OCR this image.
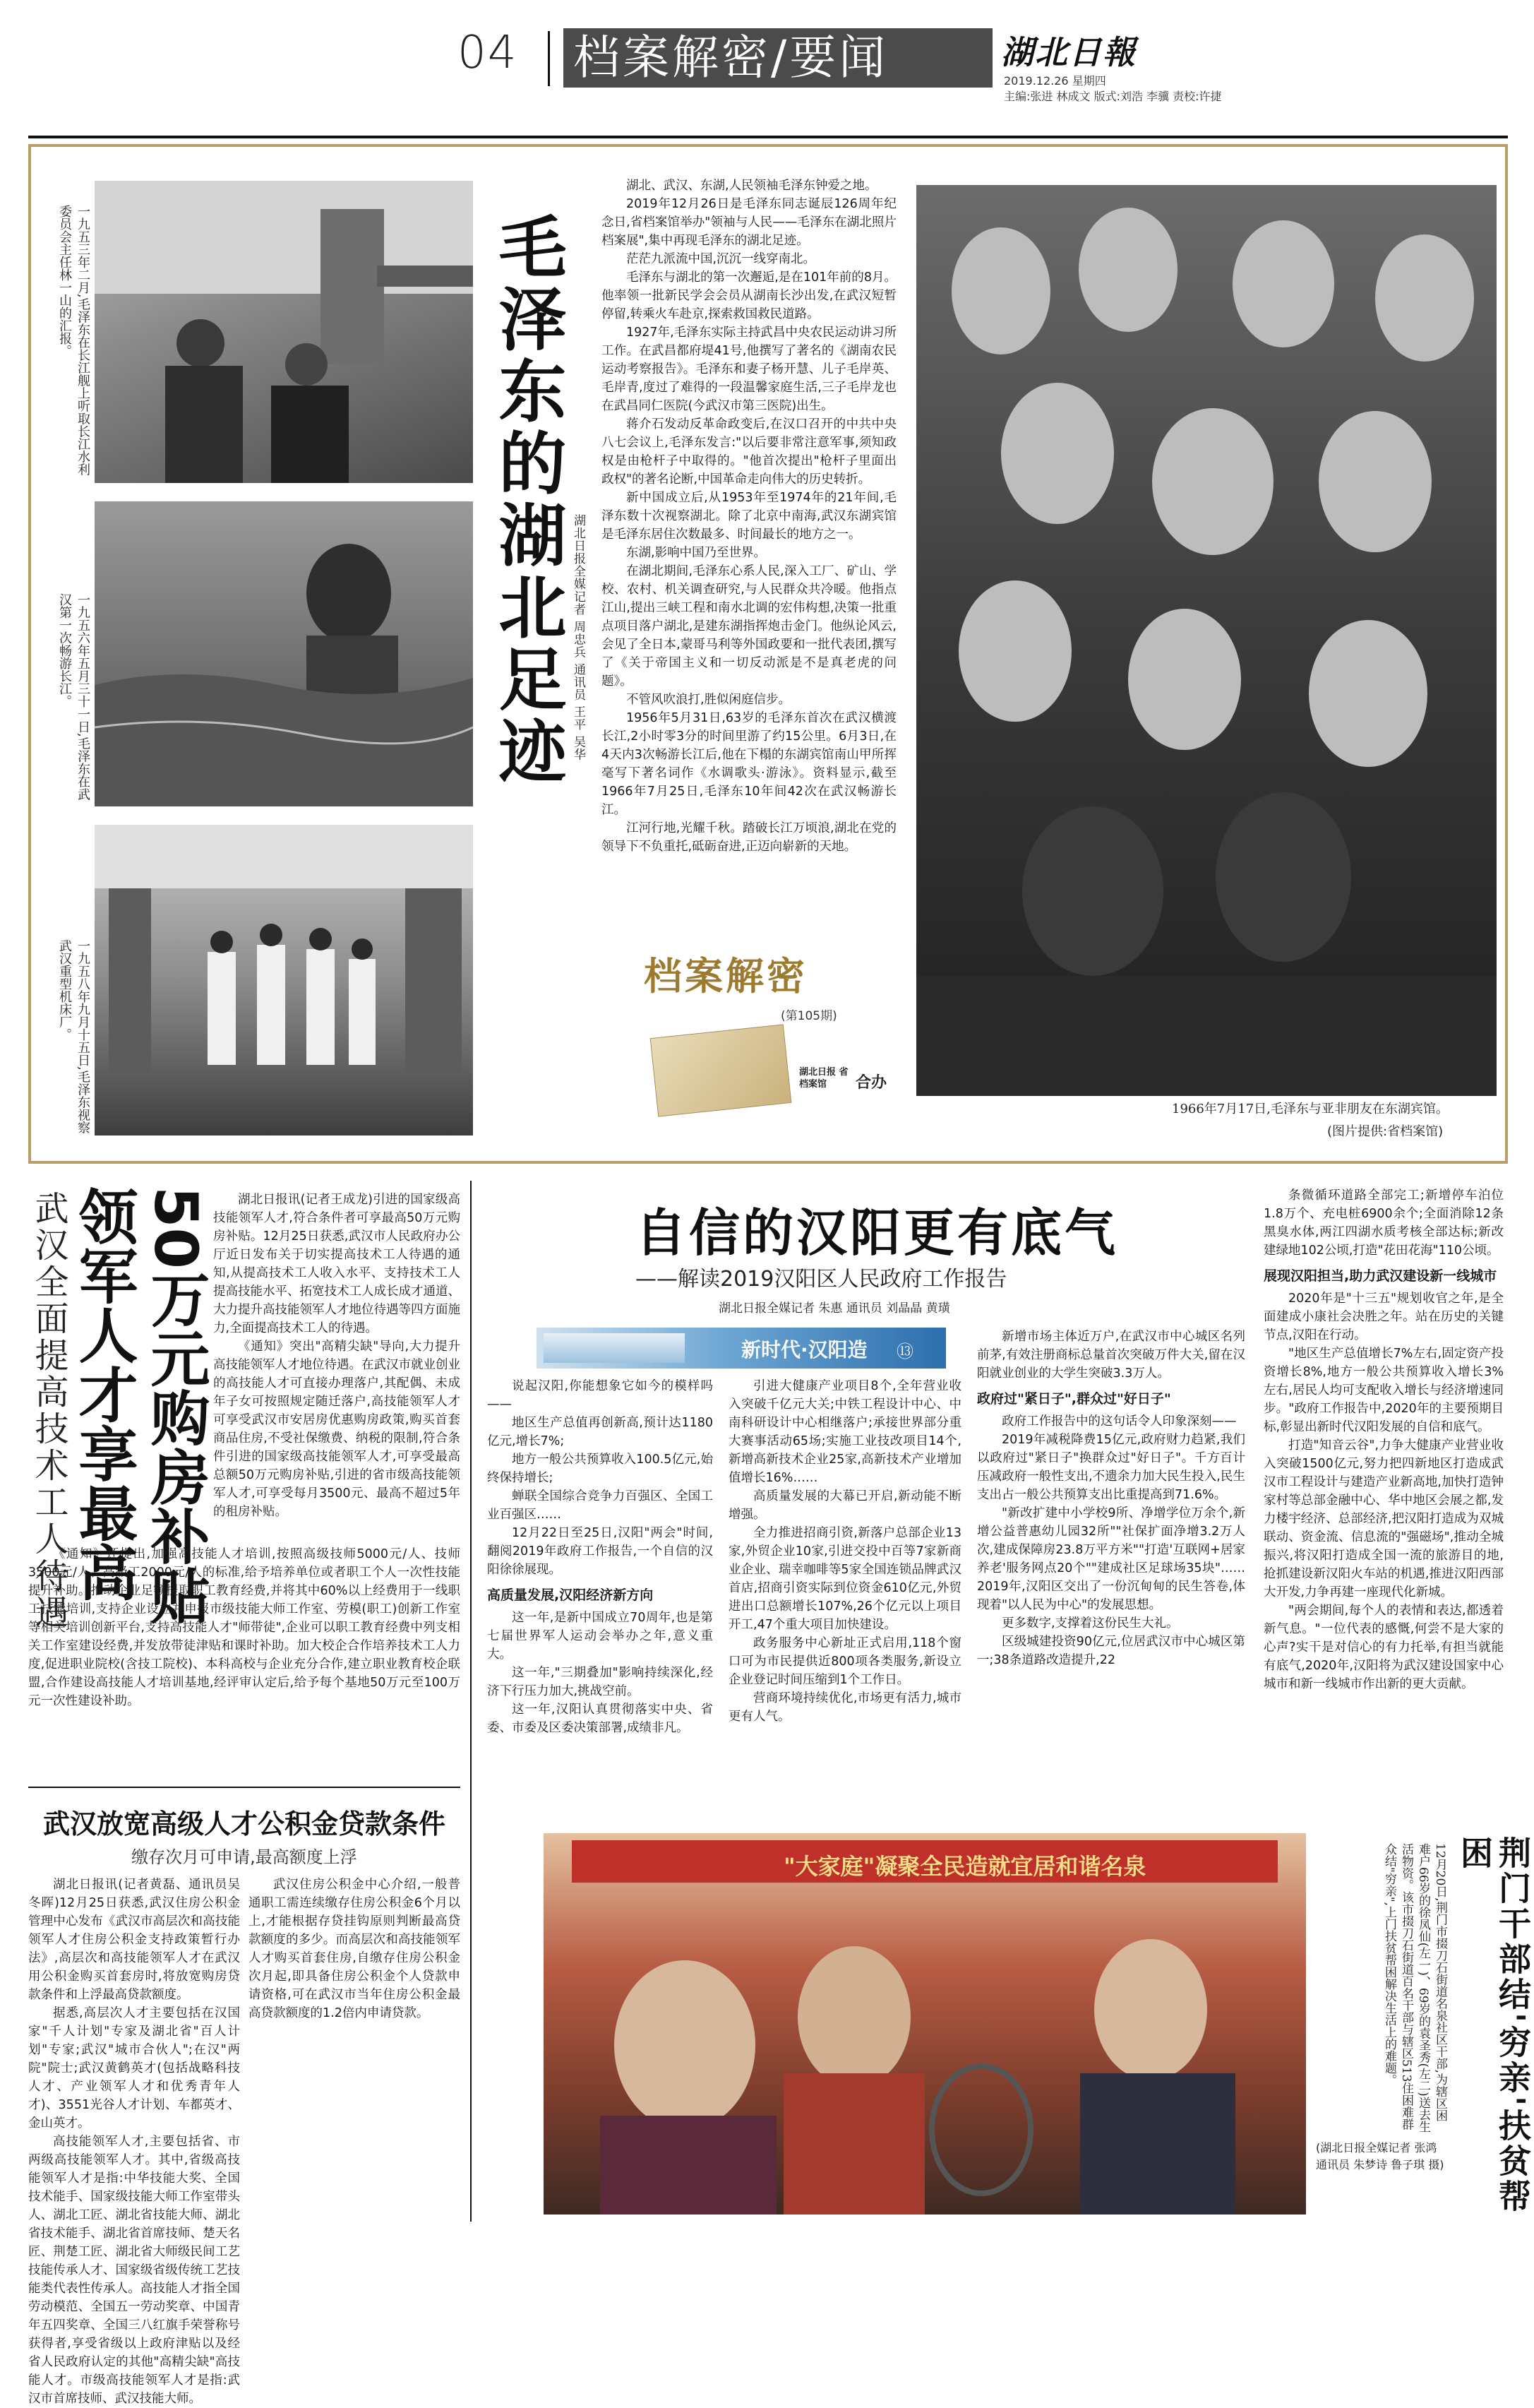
04 档案解密/要闻	湖北日報
2019.12.26 星期四
主编:张进 林成文 版式:刘浩 李骥 责校:许捷
一九五三年二月,毛泽东在长江舰上听取长江水利委员会主任林一山的汇报。
一九五六年五月三十一日,毛泽东在武汉第一次畅游长江。
一九五八年九月十五日,毛泽东视察武汉重型机床厂。
毛泽东的湖北足迹 湖北日报全媒记者 周忠兵 通讯员 王平 吴华

湖北、武汉、东湖,人民领袖毛泽东钟爱之地。

2019年12月26日是毛泽东同志诞辰126周年纪念日,省档案馆举办"领袖与人民——毛泽东在湖北照片档案展",集中再现毛泽东的湖北足迹。

茫茫九派流中国,沉沉一线穿南北。

毛泽东与湖北的第一次邂逅,是在101年前的8月。他率领一批新民学会会员从湖南长沙出发,在武汉短暂停留,转乘火车赴京,探索救国救民道路。

1927年,毛泽东实际主持武昌中央农民运动讲习所工作。在武昌都府堤41号,他撰写了著名的《湖南农民运动考察报告》。毛泽东和妻子杨开慧、儿子毛岸英、毛岸青,度过了难得的一段温馨家庭生活,三子毛岸龙也在武昌同仁医院(今武汉市第三医院)出生。

蒋介石发动反革命政变后,在汉口召开的中共中央八七会议上,毛泽东发言:"以后要非常注意军事,须知政权是由枪杆子中取得的。"他首次提出"枪杆子里面出政权"的著名论断,中国革命走向伟大的历史转折。

新中国成立后,从1953年至1974年的21年间,毛泽东数十次视察湖北。除了北京中南海,武汉东湖宾馆是毛泽东居住次数最多、时间最长的地方之一。

东湖,影响中国乃至世界。

在湖北期间,毛泽东心系人民,深入工厂、矿山、学校、农村、机关调查研究,与人民群众共冷暖。他指点江山,提出三峡工程和南水北调的宏伟构想,决策一批重点项目落户湖北,是建东湖指挥炮击金门。他纵论风云,会见了全日本,蒙哥马利等外国政要和一批代表团,撰写了《关于帝国主义和一切反动派是不是真老虎的问题》。

不管风吹浪打,胜似闲庭信步。

1956年5月31日,63岁的毛泽东首次在武汉横渡长江,2小时零3分的时间里游了约15公里。6月3日,在4天内3次畅游长江后,他在下榻的东湖宾馆南山甲所挥毫写下著名词作《水调歌头·游泳》。资料显示,截至1966年7月25日,毛泽东10年间42次在武汉畅游长江。

江河行地,光耀千秋。踏破长江万顷浪,湖北在党的领导下不负重托,砥砺奋进,正迈向崭新的天地。

档案解密
(第105期)
湖北日报 省档案馆	合办
1966年7月17日,毛泽东与亚非朋友在东湖宾馆。
(图片提供:省档案馆)
武汉全面提高技术工人待遇	50万元购房补贴 领军人才享最高	湖北日报讯(记者王成龙)引进的国家级高技能领军人才,符合条件者可享最高50万元购房补贴。12月25日获悉,武汉市人民政府办公厅近日发布关于切实提高技术工人待遇的通知,从提高技术工人收入水平、支持技术工人提高技能水平、拓宽技术工人成长成才通道、大力提升高技能领军人才地位待遇等四方面施力,全面提高技术工人的待遇。

《通知》突出"高精尖缺"导向,大力提升高技能领军人才地位待遇。在武汉市就业创业的高技能人才可直接办理落户,其配偶、未成年子女可按照规定随迁落户,高技能领军人才可享受武汉市安居房优惠购房政策,购买首套商品住房,不受社保缴费、纳税的限制,符合条件引进的国家级高技能领军人才,可享受最高总额50万元购房补贴,引进的省市级高技能领军人才,可享受每月3500元、最高不超过5年的租房补贴。

《通知》还提出,加强高技能人才培训,按照高级技师5000元/人、技师3500元/人、高级工2000元/人的标准,给予培养单位或者职工个人一次性技能提升补助。推动企业足额提取职工教育经费,并将其中60%以上经费用于一线职工技能培训,支持企业设立并申报市级技能大师工作室、劳模(职工)创新工作室等相关培训创新平台,支持高技能人才"师带徒",企业可以职工教育经费中列支相关工作室建设经费,并发放带徒津贴和课时补助。加大校企合作培养技术工人力度,促进职业院校(含技工院校)、本科高校与企业充分合作,建立职业教育校企联盟,合作建设高技能人才培训基地,经评审认定后,给予每个基地50万元至100万元一次性建设补助。

武汉放宽高级人才公积金贷款条件
缴存次月可申请,最高额度上浮

湖北日报讯(记者黄磊、通讯员吴冬晖)12月25日获悉,武汉住房公积金管理中心发布《武汉市高层次和高技能领军人才住房公积金支持政策暂行办法》,高层次和高技能领军人才在武汉用公积金购买首套房时,将放宽购房贷款条件和上浮最高贷款额度。

据悉,高层次人才主要包括在汉国家"千人计划"专家及湖北省"百人计划"专家;武汉"城市合伙人";在汉"两院"院士;武汉黄鹤英才(包括战略科技人才、产业领军人才和优秀青年人才)、3551光谷人才计划、车都英才、金山英才。

高技能领军人才,主要包括省、市两级高技能领军人才。其中,省级高技能领军人才是指:中华技能大奖、全国技术能手、国家级技能大师工作室带头人、湖北工匠、湖北省技能大师、湖北省技术能手、湖北省首席技师、楚天名匠、荆楚工匠、湖北省大师级民间工艺技能传承人才、国家级省级传统工艺技能类代表性传承人。高技能人才指全国劳动模范、全国五一劳动奖章、中国青年五四奖章、全国三八红旗手荣誉称号获得者,享受省级以上政府津贴以及经省人民政府认定的其他"高精尖缺"高技能人才。市级高技能领军人才是指:武汉市首席技师、武汉技能大师。

武汉住房公积金中心介绍,一般普通职工需连续缴存住房公积金6个月以上,才能根据存贷挂钩原则判断最高贷款额度的多少。而高层次和高技能领军人才购买首套住房,自缴存住房公积金次月起,即具备住房公积金个人贷款申请资格,可在武汉市当年住房公积金最高贷款额度的1.2倍内申请贷款。

自信的汉阳更有底气
——解读2019汉阳区人民政府工作报告
湖北日报全媒记者 朱惠 通讯员 刘晶晶 黄璜
新时代·汉阳造 ⑬

说起汉阳,你能想象它如今的模样吗——

地区生产总值再创新高,预计达1180亿元,增长7%;

地方一般公共预算收入100.5亿元,始终保持增长;

蝉联全国综合竞争力百强区、全国工业百强区……

12月22日至25日,汉阳"两会"时间,翻阅2019年政府工作报告,一个自信的汉阳徐徐展现。

高质量发展,汉阳经济新方向

这一年,是新中国成立70周年,也是第七届世界军人运动会举办之年,意义重大。

这一年,"三期叠加"影响持续深化,经济下行压力加大,挑战空前。

这一年,汉阳认真贯彻落实中央、省委、市委及区委决策部署,成绩非凡。

引进大健康产业项目8个,全年营业收入突破千亿元大关;中铁工程设计中心、中南科研设计中心相继落户;承接世界部分重大赛事活动65场;实施工业技改项目14个,新增高新技术企业25家,高新技术产业增加值增长16%……

高质量发展的大幕已开启,新动能不断增强。

全力推进招商引资,新落户总部企业13家,外贸企业10家,引进交投中百等7家新商业企业、瑞幸咖啡等5家全国连锁品牌武汉首店,招商引资实际到位资金610亿元,外贸进出口总额增长107%,26个亿元以上项目开工,47个重大项目加快建设。

政务服务中心新址正式启用,118个窗口可为市民提供近800项各类服务,新设立企业登记时间压缩到1个工作日。

营商环境持续优化,市场更有活力,城市更有人气。

新增市场主体近万户,在武汉市中心城区名列前茅,有效注册商标总量首次突破万件大关,留在汉阳就业创业的大学生突破3.3万人。

政府过"紧日子",群众过"好日子"

政府工作报告中的这句话令人印象深刻——

2019年减税降费15亿元,政府财力趋紧,我们以政府过"紧日子"换群众过"好日子"。千方百计压减政府一般性支出,不遗余力加大民生投入,民生支出占一般公共预算支出比重提高到71.6%。

"新改扩建中小学校9所、净增学位万余个,新增公益普惠幼儿园32所""社保扩面净增3.2万人次,建成保障房23.8万平方米""打造'互联网+居家养老'服务网点20个""建成社区足球场35块"……2019年,汉阳区交出了一份沉甸甸的民生答卷,体现着"以人民为中心"的发展思想。

更多数字,支撑着这份民生大礼。

区级城建投资90亿元,位居武汉市中心城区第一;38条道路改造提升,22

条微循环道路全部完工;新增停车泊位1.8万个、充电桩6900余个;全面消除12条黑臭水体,两江四湖水质考核全部达标;新改建绿地102公顷,打造"花田花海"110公顷。

展现汉阳担当,助力武汉建设新一线城市

2020年是"十三五"规划收官之年,是全面建成小康社会决胜之年。站在历史的关键节点,汉阳在行动。

"地区生产总值增长7%左右,固定资产投资增长8%,地方一般公共预算收入增长3%左右,居民人均可支配收入增长与经济增速同步。"政府工作报告中,2020年的主要预期目标,彰显出新时代汉阳发展的自信和底气。

打造"知音云谷",力争大健康产业营业收入突破1500亿元,努力把四新地区打造成武汉市工程设计与建造产业新高地,加快打造钟家村等总部金融中心、华中地区会展之都,发力楼宇经济、总部经济,把汉阳打造成为双城联动、资金流、信息流的"强磁场",推动全城振兴,将汉阳打造成全国一流的旅游目的地,抢抓建设新汉阳火车站的机遇,推进汉阳西部大开发,力争再建一座现代化新城。

"两会期间,每个人的表情和表达,都透着新气息。"一位代表的感慨,何尝不是大家的心声?实干是对信心的有力托举,有担当就能有底气,2020年,汉阳将为武汉建设国家中心城市和新一线城市作出新的更大贡献。

"大家庭"凝聚全民造就宜居和谐名泉	荆门干部结'穷亲'扶贫帮困
12月20日,荆门市掇刀石街道名泉社区干部,为辖区困难户66岁的徐凤仙(左一)、69岁的袁圣秀(左二)送去生活物资。该市掇刀石街道百名干部与辖区513住困难群众结"穷亲",上门扶贫帮困解决生活上的难题。
(湖北日报全媒记者 张鸿 通讯员 朱梦诗 鲁子琪 摄)
